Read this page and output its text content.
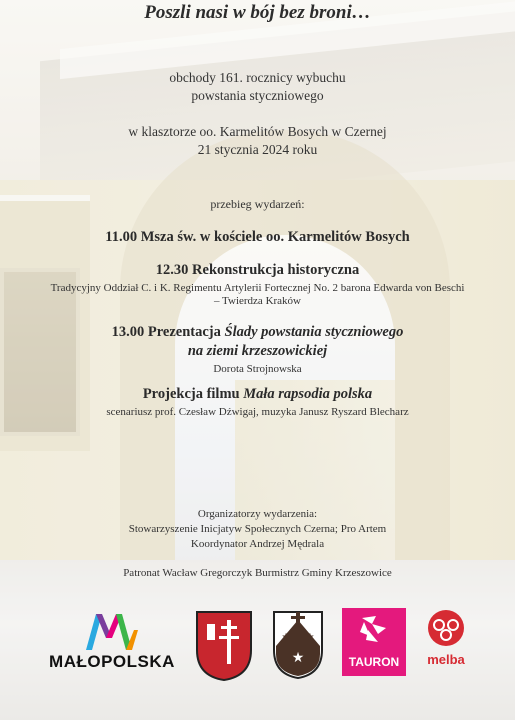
Poszli nasi w bój bez broni…

obchody 161. rocznicy wybuchu

powstania styczniowego

w klasztorze oo. Karmelitów Bosych w Czernej

21 stycznia 2024 roku

przebieg wydarzeń:

11.00 Msza św. w kościele oo. Karmelitów Bosych

12.30 Rekonstrukcja historyczna

Tradycyjny Oddział C. i K. Regimentu Artylerii Fortecznej No. 2 barona Edwarda von Beschi

– Twierdza Kraków

13.00 Prezentacja Ślady powstania styczniowego

na ziemi krzeszowickiej

Dorota Strojnowska

Projekcja filmu Mała rapsodia polska

scenariusz prof. Czesław Dźwigaj, muzyka Janusz Ryszard Blecharz

Organizatorzy wydarzenia:

Stowarzyszenie Inicjatyw Społecznych Czerna; Pro Artem

Koordynator Andrzej Mędrala

Patronat Wacław Gregorczyk Burmistrz Gminy Krzeszowice

MAŁOPOLSKA	★
★ ★
TAURON	melba
